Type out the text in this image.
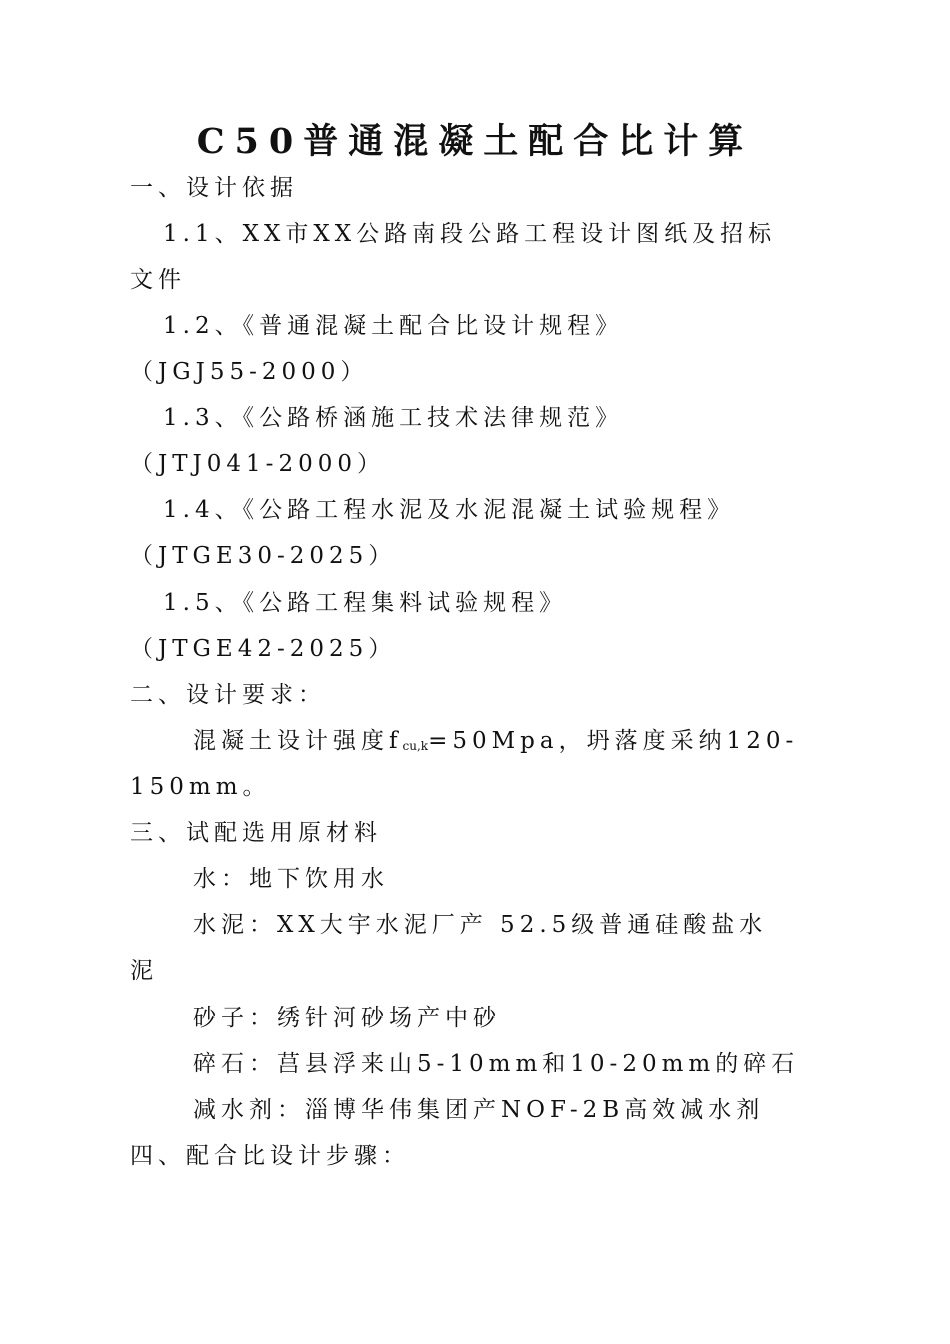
C50普通混凝土配合比计算
一、设计依据
1.1、XX市XX公路南段公路工程设计图纸及招标
文件
1.2、《普通混凝土配合比设计规程》
（JGJ55-2000）
1.3、《公路桥涵施工技术法律规范》
（JTJ041-2000）
1.4、《公路工程水泥及水泥混凝土试验规程》
（JTGE30-2025）
1.5、《公路工程集料试验规程》
（JTGE42-2025）
二、设计要求：
混凝土设计强度$f_{cu,k}=50Mpa$，坍落度采纳120-
150mm。
三、试配选用原材料
水：地下饮用水
水泥：XX大宇水泥厂产 52.5级普通硅酸盐水
泥
砂子：绣针河砂场产中砂
碎石：莒县浮来山5-10mm和10-20mm的碎石
减水剂：淄博华伟集团产NOF-2B高效减水剂
四、配合比设计步骤：
